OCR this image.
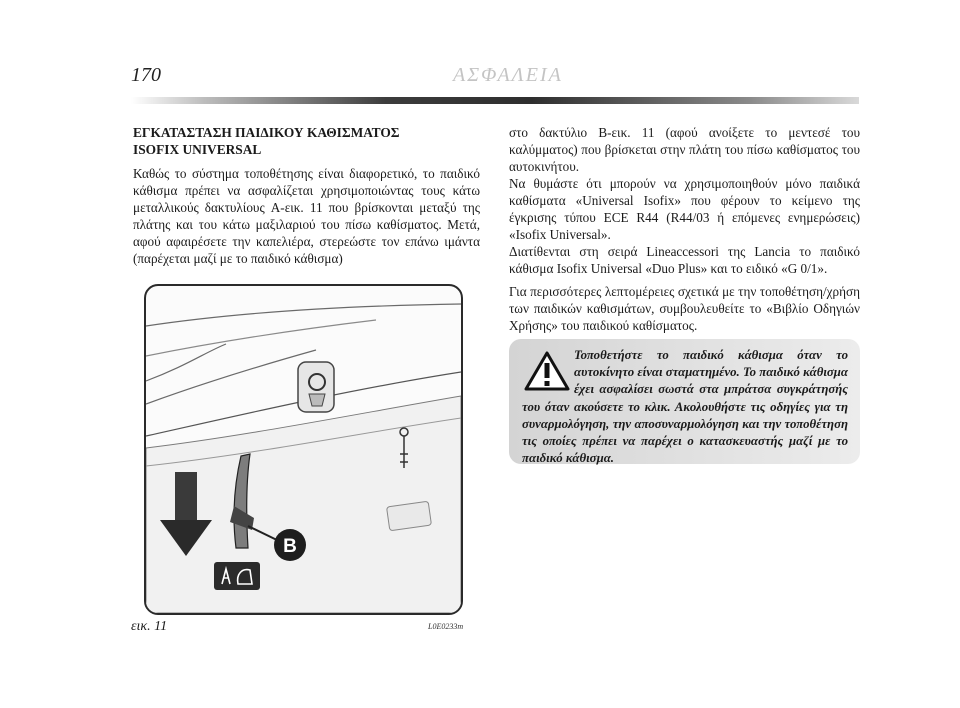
170	ΑΣΦΑΛΕΙΑ
ΕΓΚΑΤΑΣΤΑΣΗ ΠΑΙΔΙΚΟΥ ΚΑΘΙΣΜΑΤΟΣ
ISOFIX UNIVERSAL

Καθώς το σύστημα τοποθέτησης είναι διαφορετικό, το παιδικό κάθισμα πρέπει να ασφαλίζεται χρησιμοποιώντας τους κάτω μεταλλικούς δακτυλίους A-εικ. 11 που βρίσκονται μεταξύ της πλάτης και του κάτω μαξιλαριού του πίσω καθίσματος. Μετά, αφού αφαιρέσετε την καπελιέρα, στερεώστε τον επάνω ιμάντα (παρέχεται μαζί με το παιδικό κάθισμα)

στο δακτύλιο B-εικ. 11 (αφού ανοίξετε το μεντεσέ του καλύμματος) που βρίσκεται στην πλάτη του πίσω καθίσματος του αυτοκινήτου.

Να θυμάστε ότι μπορούν να χρησιμοποιηθούν μόνο παιδικά καθίσματα «Universal Isofix» που φέρουν το κείμενο της έγκρισης τύπου ECE R44 (R44/03 ή επόμενες ενημερώσεις) «Isofix Universal».

Διατίθενται στη σειρά Lineaccessori της Lancia το παιδικό κάθισμα Isofix Universal «Duo Plus» και το ειδικό «G 0/1».

Για περισσότερες λεπτομέρειες σχετικά με την τοποθέτηση/χρήση των παιδικών καθισμάτων, συμβουλευθείτε το «Βιβλίο Οδηγιών Χρήσης» του παιδικού καθίσματος.

B
εικ. 11	L0E0233m
Τοποθετήστε το παιδικό κάθισμα όταν το αυτοκίνητο είναι σταματημένο. Το παιδικό κάθισμα έχει ασφαλίσει σωστά στα μπράτσα συγκράτησής του όταν ακούσετε το κλικ. Ακολουθήστε τις οδηγίες για τη συναρμολόγηση, την αποσυναρμολόγηση και την τοποθέτηση τις οποίες πρέπει να παρέχει ο κατασκευαστής μαζί με το παιδικό κάθισμα.
